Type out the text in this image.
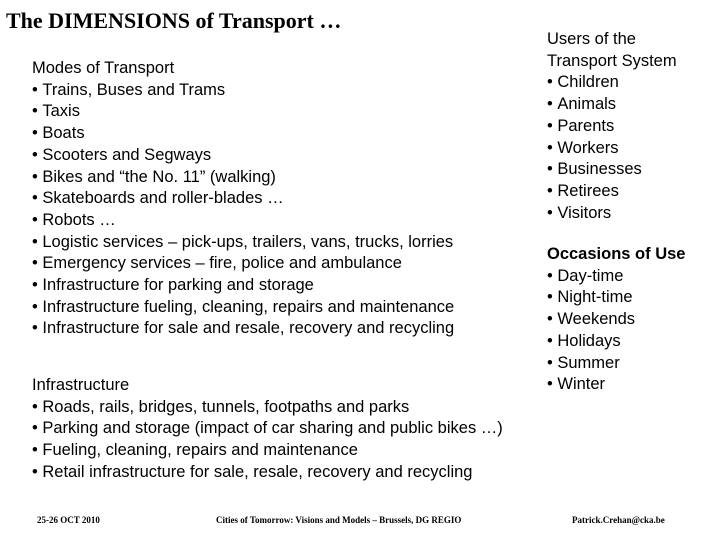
The DIMENSIONS of Transport …
Modes of Transport
• Trains, Buses and Trams
• Taxis
• Boats
• Scooters and Segways
• Bikes and “the No. 11” (walking)
• Skateboards and roller-blades …
• Robots …
• Logistic services – pick-ups, trailers, vans, trucks, lorries
• Emergency services – fire, police and ambulance
• Infrastructure for parking and storage
• Infrastructure fueling, cleaning, repairs and maintenance
• Infrastructure for sale and resale, recovery and recycling
Infrastructure
• Roads, rails, bridges, tunnels, footpaths and parks
• Parking and storage (impact of car sharing and public bikes …)
• Fueling, cleaning, repairs and maintenance
• Retail infrastructure for sale, resale, recovery and recycling
Users of the
Transport System
• Children
• Animals
• Parents
• Workers
• Businesses
• Retirees
• Visitors
Occasions of Use
• Day-time
• Night-time
• Weekends
• Holidays
• Summer
• Winter
25-26 OCT 2010	Cities of Tomorrow: Visions and Models – Brussels, DG REGIO	Patrick.Crehan@cka.be
